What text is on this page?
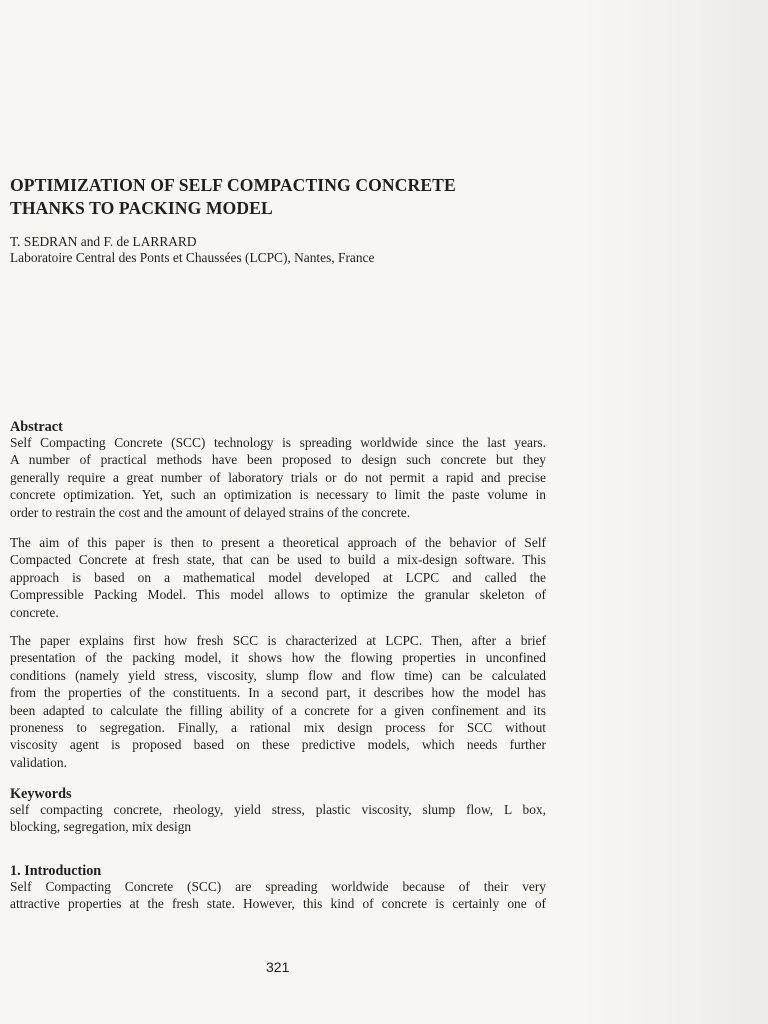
OPTIMIZATION OF SELF COMPACTING CONCRETE
THANKS TO PACKING MODEL
T. SEDRAN and F. de LARRARD
Laboratoire Central des Ponts et Chaussées (LCPC), Nantes, France
Abstract
Self Compacting Concrete (SCC) technology is spreading worldwide since the last years.
A number of practical methods have been proposed to design such concrete but they
generally require a great number of laboratory trials or do not permit a rapid and precise
concrete optimization. Yet, such an optimization is necessary to limit the paste volume in
order to restrain the cost and the amount of delayed strains of the concrete.
The aim of this paper is then to present a theoretical approach of the behavior of Self
Compacted Concrete at fresh state, that can be used to build a mix-design software. This
approach is based on a mathematical model developed at LCPC and called the
Compressible Packing Model. This model allows to optimize the granular skeleton of
concrete.
The paper explains first how fresh SCC is characterized at LCPC. Then, after a brief
presentation of the packing model, it shows how the flowing properties in unconfined
conditions (namely yield stress, viscosity, slump flow and flow time) can be calculated
from the properties of the constituents. In a second part, it describes how the model has
been adapted to calculate the filling ability of a concrete for a given confinement and its
proneness to segregation. Finally, a rational mix design process for SCC without
viscosity agent is proposed based on these predictive models, which needs further
validation.
Keywords
self compacting concrete, rheology, yield stress, plastic viscosity, slump flow, L box,
blocking, segregation, mix design
1. Introduction
Self Compacting Concrete (SCC) are spreading worldwide because of their very
attractive properties at the fresh state. However, this kind of concrete is certainly one of
321
